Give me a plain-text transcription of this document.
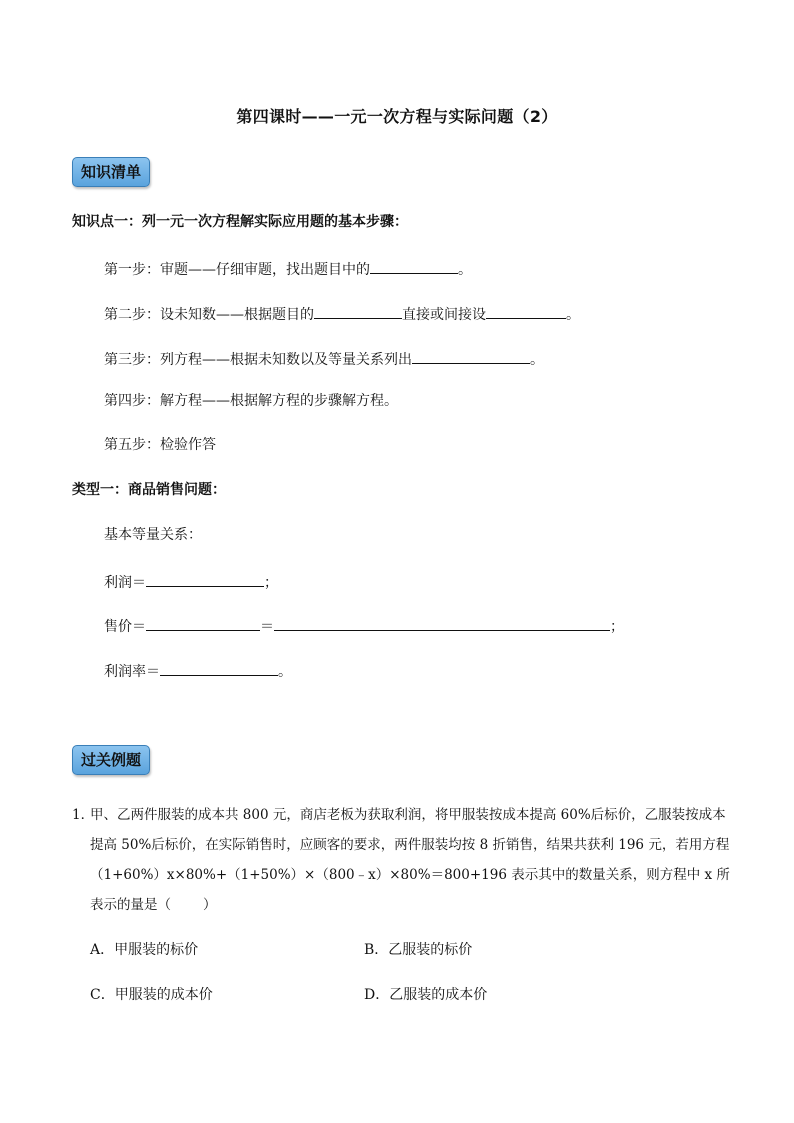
第四课时——一元一次方程与实际问题（2）
知识清单
知识点一：列一元一次方程解实际应用题的基本步骤：
第一步：审题——仔细审题，找出题目中的	。
第二步：设未知数——根据题目的	直接或间接设	。
第三步：列方程——根据未知数以及等量关系列出	。
第四步：解方程——根据解方程的步骤解方程。
第五步：检验作答
类型一：商品销售问题：
基本等量关系：
利润＝	；
售价＝	＝	；
利润率＝	。
过关例题
1．
甲、乙两件服装的成本共 800 元，商店老板为获取利润，将甲服装按成本提高 60%后标价，乙服装按成本提高 50%后标价，在实际销售时，应顾客的要求，两件服装均按 8 折销售，结果共获利 196 元，若用方程（1+60%）x×80%+（1+50%）×（800﹣x）×80%＝800+196 表示其中的数量关系，则方程中 x 所表示的量是（ ）
A．甲服装的标价	B．乙服装的标价
C．甲服装的成本价	D．乙服装的成本价
